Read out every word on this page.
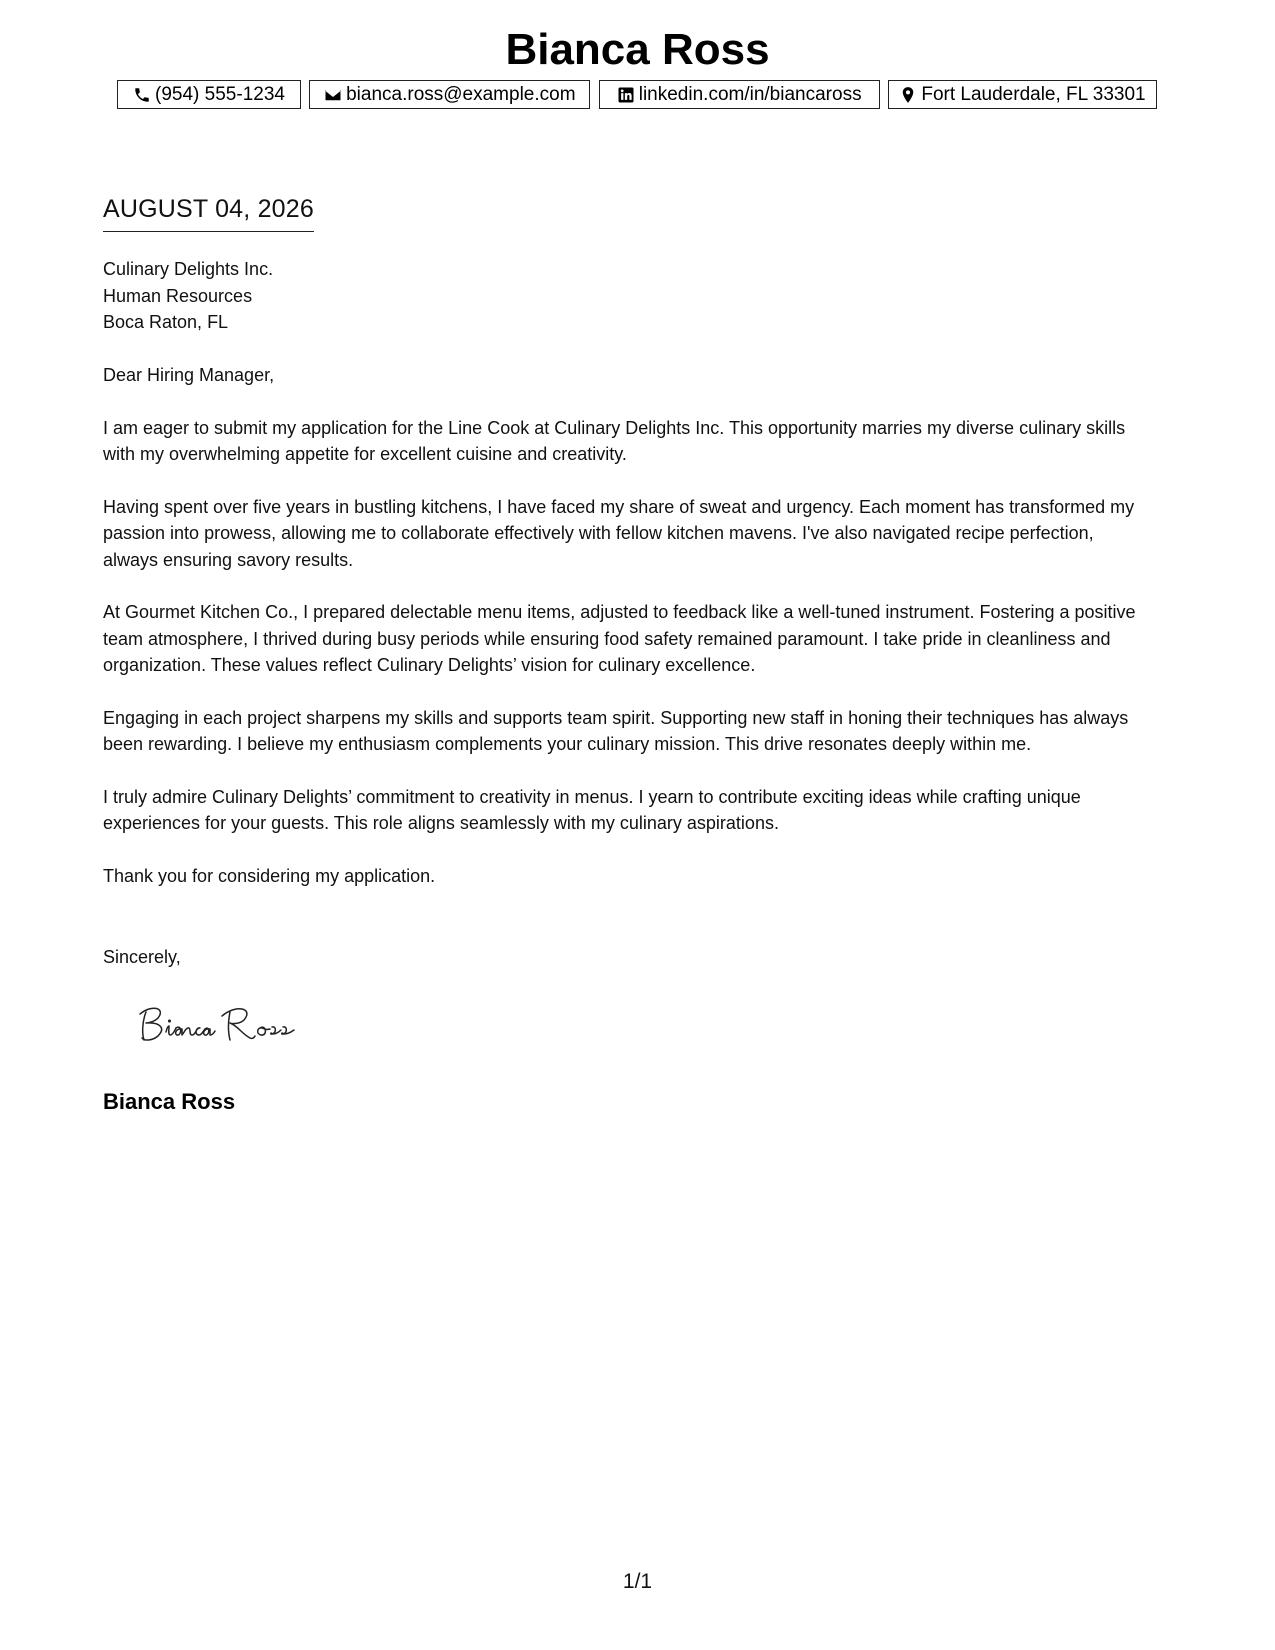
Bianca Ross
(954) 555-1234	bianca.ross@example.com	linkedin.com/in/biancaross	Fort Lauderdale, FL 33301
AUGUST 04, 2026
Culinary Delights Inc.
Human Resources
Boca Raton, FL

Dear Hiring Manager,

I am eager to submit my application for the Line Cook at Culinary Delights Inc. This opportunity marries my diverse culinary skills with my overwhelming appetite for excellent cuisine and creativity.

Having spent over five years in bustling kitchens, I have faced my share of sweat and urgency. Each moment has transformed my passion into prowess, allowing me to collaborate effectively with fellow kitchen mavens. I've also navigated recipe perfection, always ensuring savory results.

At Gourmet Kitchen Co., I prepared delectable menu items, adjusted to feedback like a well-tuned instrument. Fostering a positive team atmosphere, I thrived during busy periods while ensuring food safety remained paramount. I take pride in cleanliness and organization. These values reflect Culinary Delights’ vision for culinary excellence.

Engaging in each project sharpens my skills and supports team spirit. Supporting new staff in honing their techniques has always been rewarding. I believe my enthusiasm complements your culinary mission. This drive resonates deeply within me.

I truly admire Culinary Delights’ commitment to creativity in menus. I yearn to contribute exciting ideas while crafting unique experiences for your guests. This role aligns seamlessly with my culinary aspirations.

Thank you for considering my application.

Sincerely,
Bianca Ross
1/1
